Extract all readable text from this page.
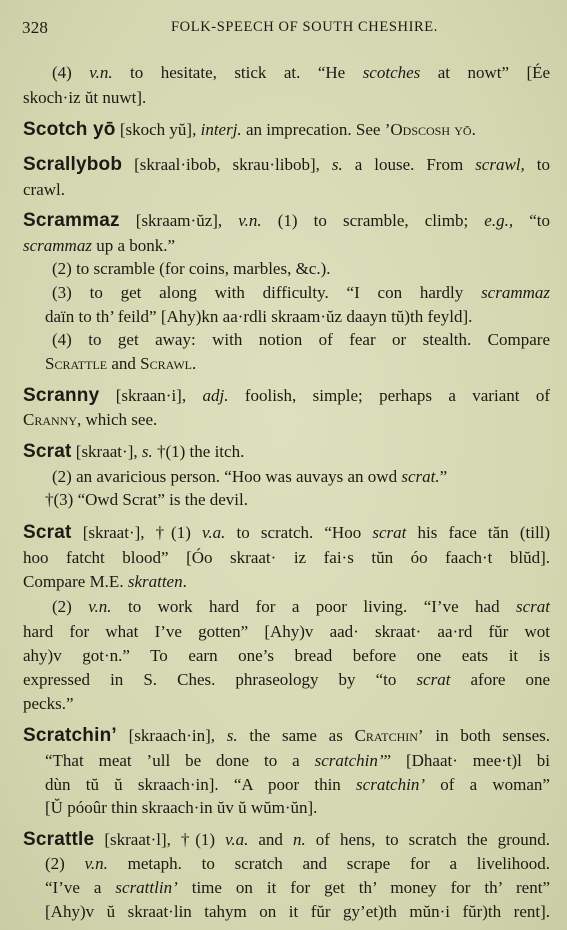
328	FOLK-SPEECH OF SOUTH CHESHIRE.
(4) v.n. to hesitate, stick at. “He scotches at nowt” [Ée
skoch·iz ŭt nuwt].
Scotch yō [skoch yŭ], interj. an imprecation. See ’Odscosh yō.
Scrallybob [skraal·ibob, skrau·libob], s. a louse. From scrawl, to
crawl.
Scrammaz [skraam·ŭz], v.n. (1) to scramble, climb; e.g., “to
scrammaz up a bonk.”
(2) to scramble (for coins, marbles, &c.).
(3) to get along with difficulty. “I con hardly scrammaz
daïn to th’ feild” [Ahy)kn aa·rdli skraam·ŭz daayn tŭ)th feyld].
(4) to get away: with notion of fear or stealth. Compare
Scrattle and Scrawl.
Scranny [skraan·i], adj. foolish, simple; perhaps a variant of
Cranny, which see.
Scrat [skraat·], s. †(1) the itch.
(2) an avaricious person. “Hoo was auvays an owd scrat.”
†(3) “Owd Scrat” is the devil.
Scrat [skraat·], †(1) v.a. to scratch. “Hoo scrat his face tăn (till)
hoo fatcht blood” [Óo skraat· iz fai·s tŭn óo faach·t blŭd].
Compare M.E. skratten.
(2) v.n. to work hard for a poor living. “I’ve had scrat
hard for what I’ve gotten” [Ahy)v aad· skraat· aa·rd fŭr wot
ahy)v got·n.” To earn one’s bread before one eats it is
expressed in S. Ches. phraseology by “to scrat afore one
pecks.”
Scratchin’ [skraach·in], s. the same as Cratchin’ in both senses.
“That meat ’ull be done to a scratchin’” [Dhaat· mee·t)l bi
dùn tŭ ŭ skraach·in]. “A poor thin scratchin’ of a woman”
[Ŭ póoûr thin skraach·in ŭv ŭ wŭm·ŭn].
Scrattle [skraat·l], †(1) v.a. and n. of hens, to scratch the ground.
(2) v.n. metaph. to scratch and scrape for a livelihood.
“I’ve a scrattlin’ time on it for get th’ money for th’ rent”
[Ahy)v ŭ skraat·lin tahym on it fŭr gy’et)th mŭn·i fŭr)th rent].
